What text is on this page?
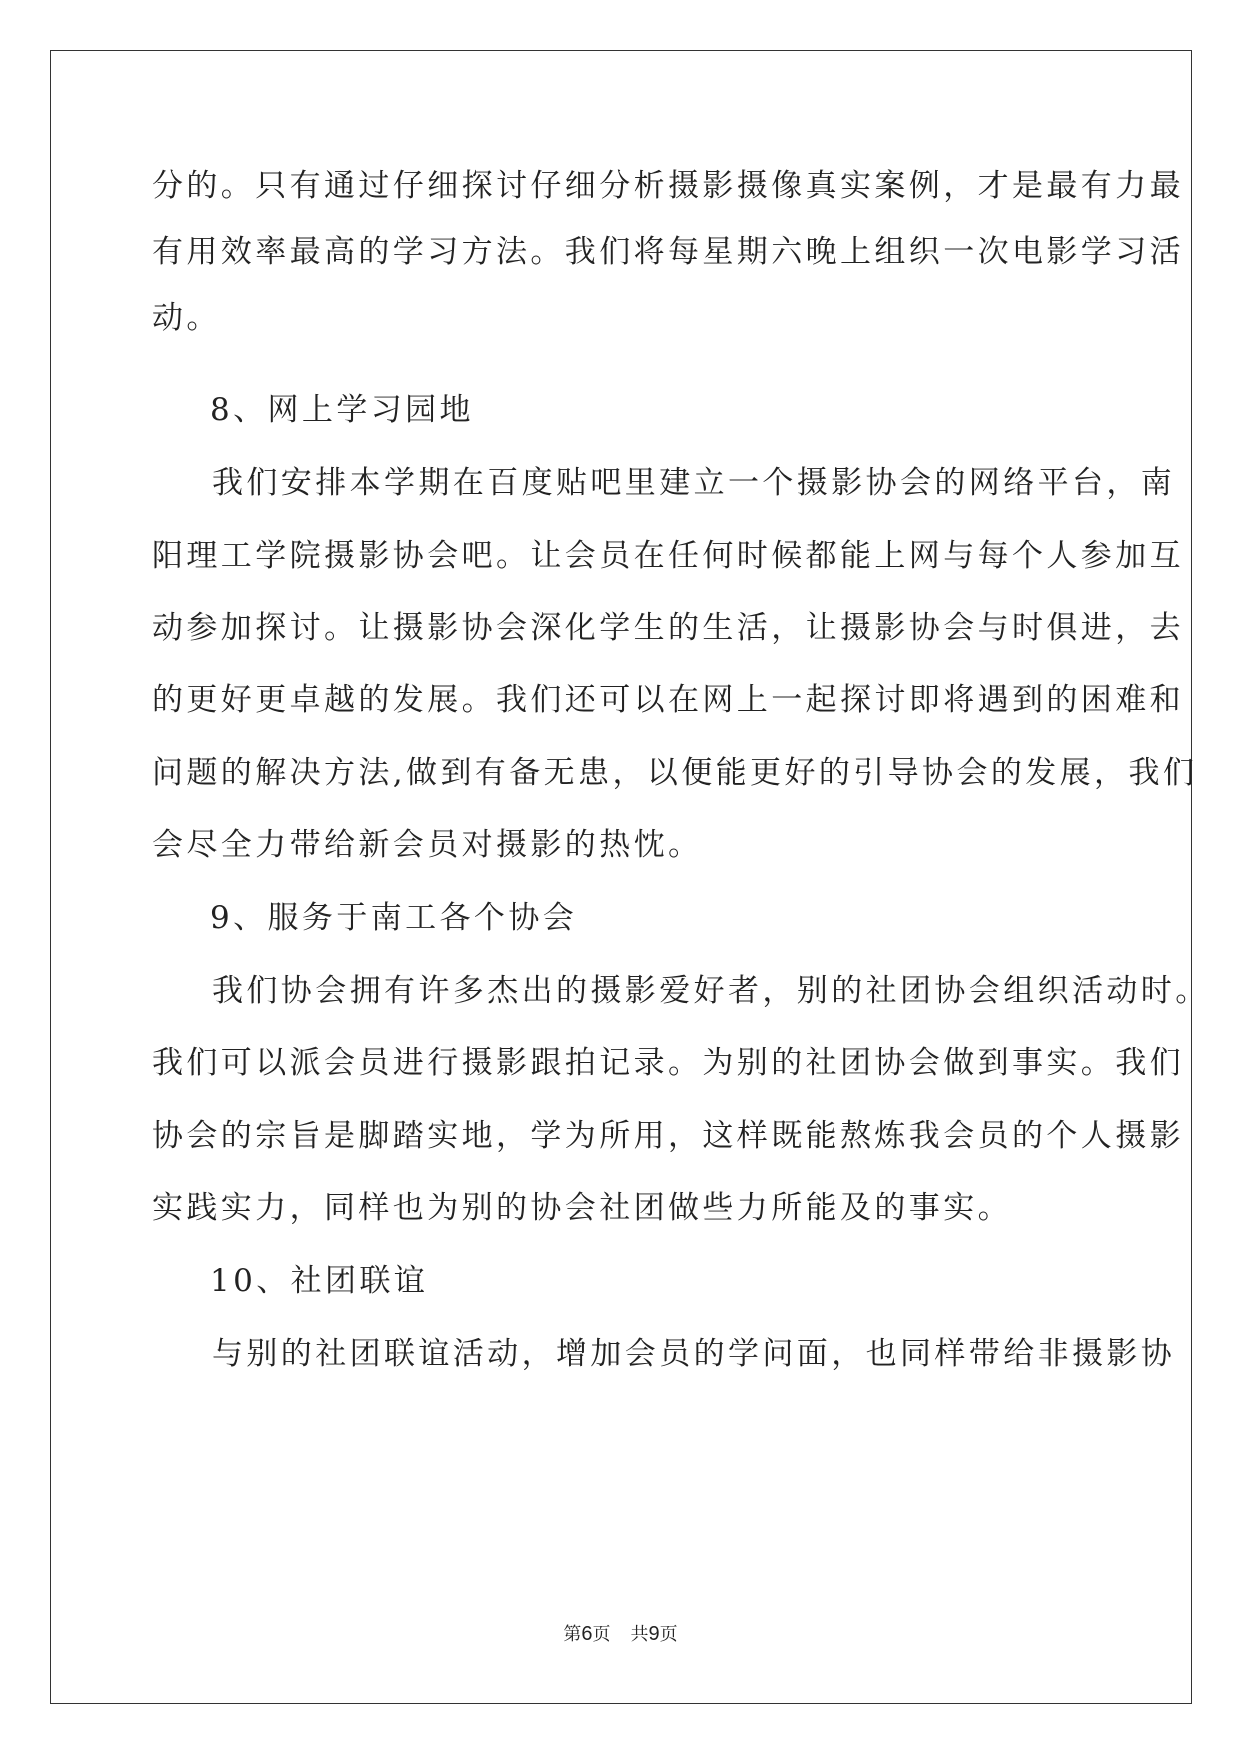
分的。只有通过仔细探讨仔细分析摄影摄像真实案例，才是最有力最
有用效率最高的学习方法。我们将每星期六晚上组织一次电影学习活
动。
8、网上学习园地
我们安排本学期在百度贴吧里建立一个摄影协会的网络平台，南
阳理工学院摄影协会吧。让会员在任何时候都能上网与每个人参加互
动参加探讨。让摄影协会深化学生的生活，让摄影协会与时俱进，去
的更好更卓越的发展。我们还可以在网上一起探讨即将遇到的困难和
问题的解决方法,做到有备无患，以便能更好的引导协会的发展，我们
会尽全力带给新会员对摄影的热忱。
9、服务于南工各个协会
我们协会拥有许多杰出的摄影爱好者，别的社团协会组织活动时。
我们可以派会员进行摄影跟拍记录。为别的社团协会做到事实。我们
协会的宗旨是脚踏实地，学为所用，这样既能熬炼我会员的个人摄影
实践实力，同样也为别的协会社团做些力所能及的事实。
10、社团联谊
与别的社团联谊活动，增加会员的学问面，也同样带给非摄影协
第6页 共9页
